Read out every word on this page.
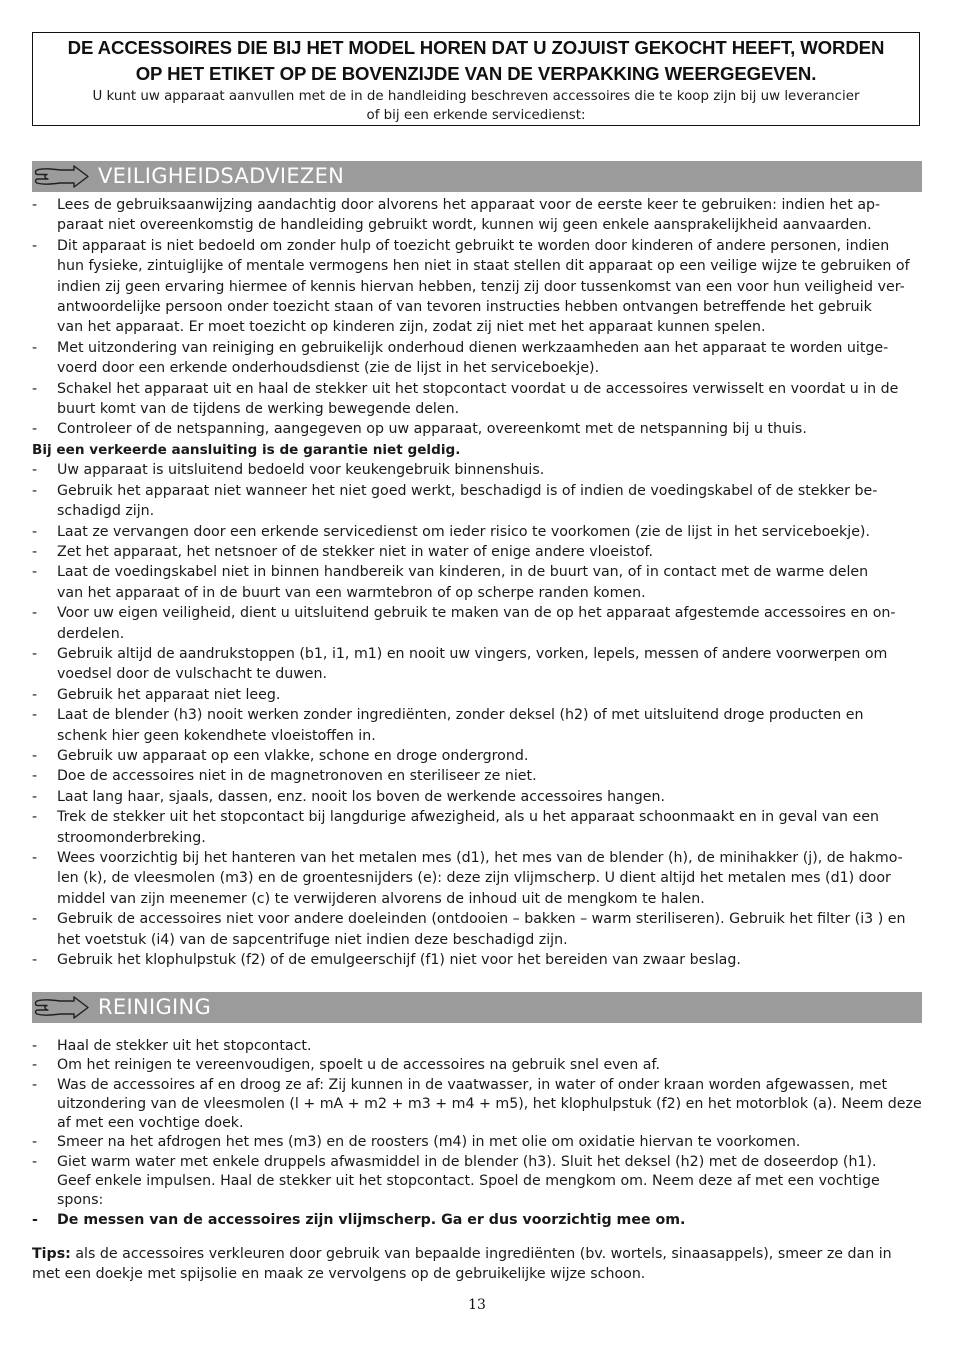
DE ACCESSOIRES DIE BIJ HET MODEL HOREN DAT U ZOJUIST GEKOCHT HEEFT, WORDEN
OP HET ETIKET OP DE BOVENZIJDE VAN DE VERPAKKING WEERGEGEVEN.
U kunt uw apparaat aanvullen met de in de handleiding beschreven accessoires die te koop zijn bij uw leverancier
of bij een erkende servicedienst:
VEILIGHEIDSADVIEZEN
- Lees de gebruiksaanwijzing aandachtig door alvorens het apparaat voor de eerste keer te gebruiken: indien het ap-
paraat niet overeenkomstig de handleiding gebruikt wordt, kunnen wij geen enkele aansprakelijkheid aanvaarden.
- Dit apparaat is niet bedoeld om zonder hulp of toezicht gebruikt te worden door kinderen of andere personen, indien
hun fysieke, zintuiglijke of mentale vermogens hen niet in staat stellen dit apparaat op een veilige wijze te gebruiken of
indien zij geen ervaring hiermee of kennis hiervan hebben, tenzij zij door tussenkomst van een voor hun veiligheid ver-
antwoordelijke persoon onder toezicht staan of van tevoren instructies hebben ontvangen betreffende het gebruik
van het apparaat. Er moet toezicht op kinderen zijn, zodat zij niet met het apparaat kunnen spelen.
- Met uitzondering van reiniging en gebruikelijk onderhoud dienen werkzaamheden aan het apparaat te worden uitge-
voerd door een erkende onderhoudsdienst (zie de lijst in het serviceboekje).
- Schakel het apparaat uit en haal de stekker uit het stopcontact voordat u de accessoires verwisselt en voordat u in de
buurt komt van de tijdens de werking bewegende delen.
- Controleer of de netspanning, aangegeven op uw apparaat, overeenkomt met de netspanning bij u thuis.
Bij een verkeerde aansluiting is de garantie niet geldig.
- Uw apparaat is uitsluitend bedoeld voor keukengebruik binnenshuis.
- Gebruik het apparaat niet wanneer het niet goed werkt, beschadigd is of indien de voedingskabel of de stekker be-
schadigd zijn.
- Laat ze vervangen door een erkende servicedienst om ieder risico te voorkomen (zie de lijst in het serviceboekje).
- Zet het apparaat, het netsnoer of de stekker niet in water of enige andere vloeistof.
- Laat de voedingskabel niet in binnen handbereik van kinderen, in de buurt van, of in contact met de warme delen
van het apparaat of in de buurt van een warmtebron of op scherpe randen komen.
- Voor uw eigen veiligheid, dient u uitsluitend gebruik te maken van de op het apparaat afgestemde accessoires en on-
derdelen.
- Gebruik altijd de aandrukstoppen (b1, i1, m1) en nooit uw vingers, vorken, lepels, messen of andere voorwerpen om
voedsel door de vulschacht te duwen.
- Gebruik het apparaat niet leeg.
- Laat de blender (h3) nooit werken zonder ingrediënten, zonder deksel (h2) of met uitsluitend droge producten en
schenk hier geen kokendhete vloeistoffen in.
- Gebruik uw apparaat op een vlakke, schone en droge ondergrond.
- Doe de accessoires niet in de magnetronoven en steriliseer ze niet.
- Laat lang haar, sjaals, dassen, enz. nooit los boven de werkende accessoires hangen.
- Trek de stekker uit het stopcontact bij langdurige afwezigheid, als u het apparaat schoonmaakt en in geval van een
stroomonderbreking.
- Wees voorzichtig bij het hanteren van het metalen mes (d1), het mes van de blender (h), de minihakker (j), de hakmo-
len (k), de vleesmolen (m3) en de groentesnijders (e): deze zijn vlijmscherp. U dient altijd het metalen mes (d1) door
middel van zijn meenemer (c) te verwijderen alvorens de inhoud uit de mengkom te halen.
- Gebruik de accessoires niet voor andere doeleinden (ontdooien – bakken – warm steriliseren). Gebruik het filter (i3 ) en
het voetstuk (i4) van de sapcentrifuge niet indien deze beschadigd zijn.
- Gebruik het klophulpstuk (f2) of de emulgeerschijf (f1) niet voor het bereiden van zwaar beslag.
REINIGING
- Haal de stekker uit het stopcontact.
- Om het reinigen te vereenvoudigen, spoelt u de accessoires na gebruik snel even af.
- Was de accessoires af en droog ze af: Zij kunnen in de vaatwasser, in water of onder kraan worden afgewassen, met
uitzondering van de vleesmolen (l + mA + m2 + m3 + m4 + m5), het klophulpstuk (f2) en het motorblok (a). Neem deze
af met een vochtige doek.
- Smeer na het afdrogen het mes (m3) en de roosters (m4) in met olie om oxidatie hiervan te voorkomen.
- Giet warm water met enkele druppels afwasmiddel in de blender (h3). Sluit het deksel (h2) met de doseerdop (h1).
Geef enkele impulsen. Haal de stekker uit het stopcontact. Spoel de mengkom om. Neem deze af met een vochtige
spons:
- De messen van de accessoires zijn vlijmscherp. Ga er dus voorzichtig mee om.
Tips: als de accessoires verkleuren door gebruik van bepaalde ingrediënten (bv. wortels, sinaasappels), smeer ze dan in
met een doekje met spijsolie en maak ze vervolgens op de gebruikelijke wijze schoon.
13
